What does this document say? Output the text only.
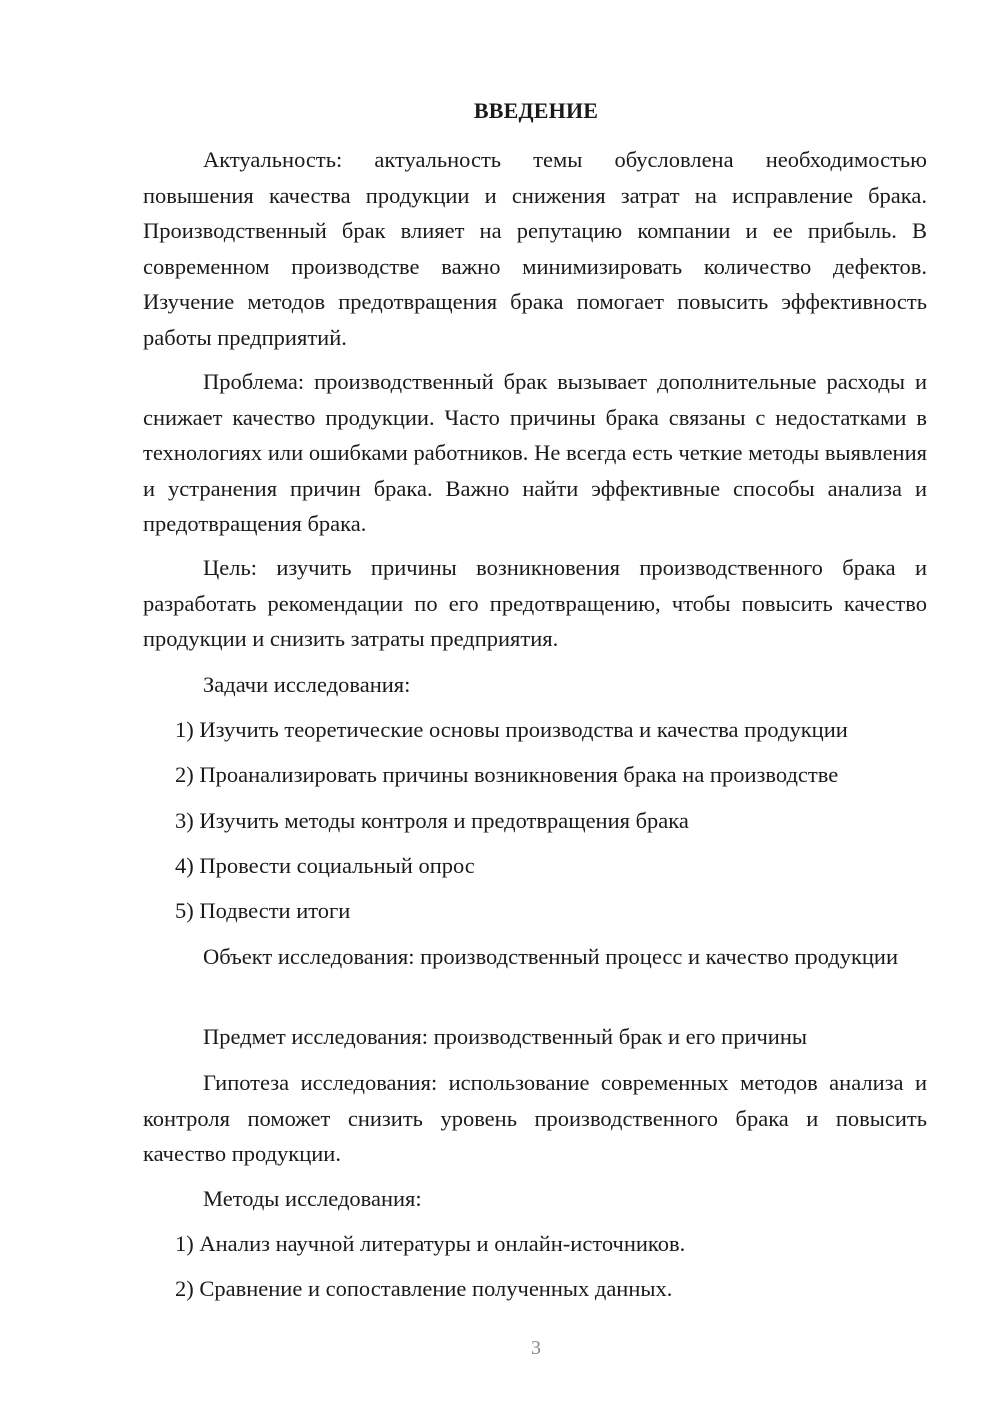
ВВЕДЕНИЕ

Актуальность: актуальность темы обусловлена необходимостью повышения качества продукции и снижения затрат на исправление брака. Производственный брак влияет на репутацию компании и ее прибыль. В современном производстве важно минимизировать количество дефектов. Изучение методов предотвращения брака помогает повысить эффективность работы предприятий.

Проблема: производственный брак вызывает дополнительные расходы и снижает качество продукции. Часто причины брака связаны с недостатками в технологиях или ошибками работников. Не всегда есть четкие методы выявления и устранения причин брака. Важно найти эффективные способы анализа и предотвращения брака.

Цель: изучить причины возникновения производственного брака и разработать рекомендации по его предотвращению, чтобы повысить качество продукции и снизить затраты предприятия.

Задачи исследования:

1) Изучить теоретические основы производства и качества продукции

2) Проанализировать причины возникновения брака на производстве

3) Изучить методы контроля и предотвращения брака

4) Провести социальный опрос

5) Подвести итоги

Объект исследования: производственный процесс и качество продукции

Предмет исследования: производственный брак и его причины

Гипотеза исследования: использование современных методов анализа и контроля поможет снизить уровень производственного брака и повысить качество продукции.

Методы исследования:

1) Анализ научной литературы и онлайн-источников.

2) Сравнение и сопоставление полученных данных.

3
